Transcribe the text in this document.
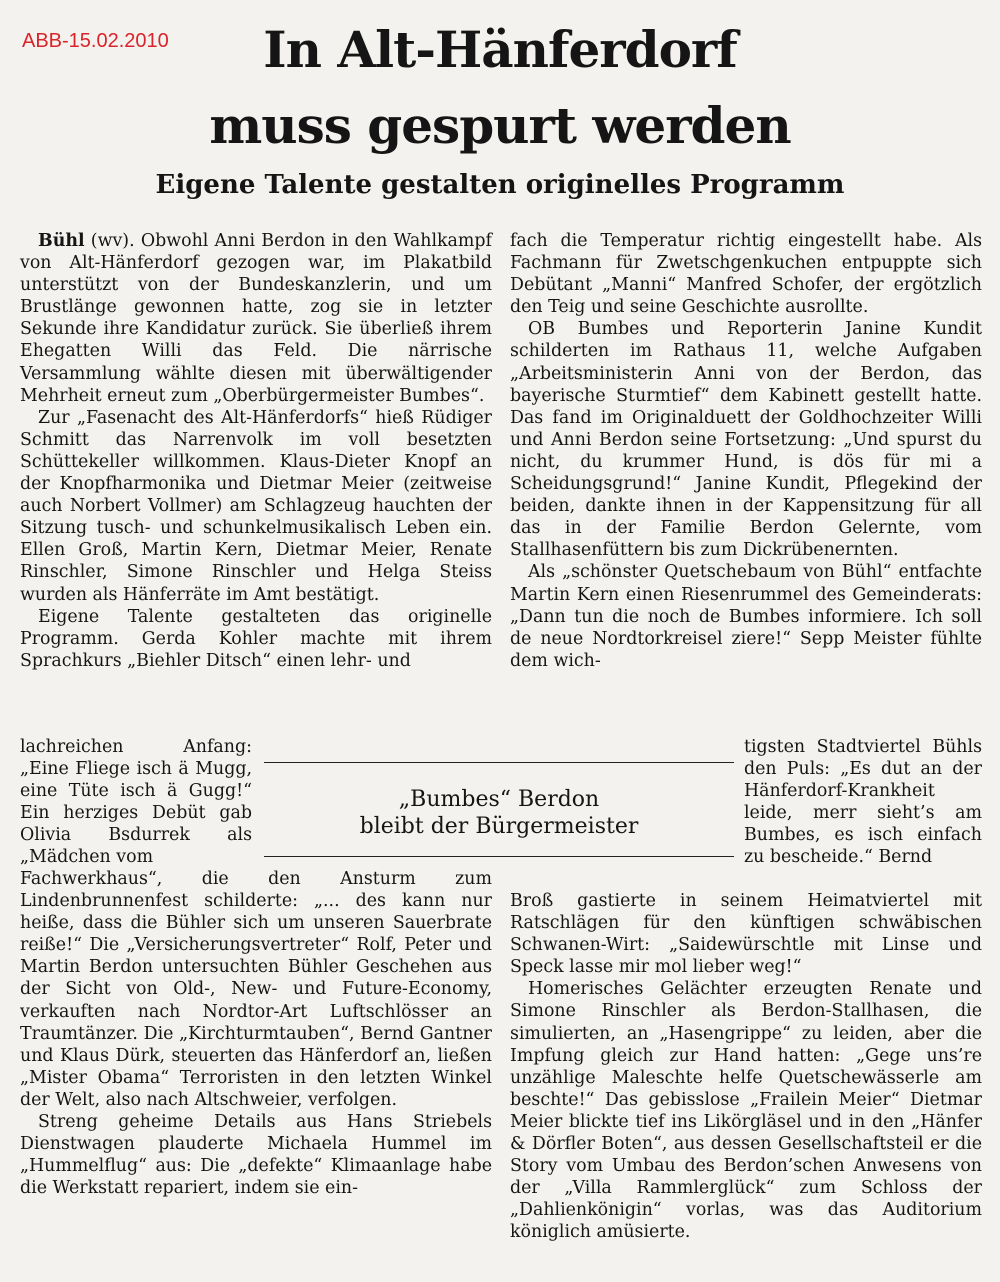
ABB-15.02.2010	In Alt-Hänferdorf
muss gespurt werden
Eigene Talente gestalten originelles Programm

Bühl (wv). Obwohl Anni Berdon in den Wahlkampf von Alt-Hänferdorf gezogen war, im Plakatbild unterstützt von der Bundeskanzlerin, und um Brustlänge gewonnen hatte, zog sie in letzter Sekunde ihre Kandidatur zurück. Sie überließ ihrem Ehegatten Willi das Feld. Die närrische Versammlung wählte diesen mit überwältigender Mehrheit erneut zum „Oberbürgermeister Bumbes“.

Zur „Fasenacht des Alt-Hänferdorfs“ hieß Rüdiger Schmitt das Narrenvolk im voll besetzten Schüttekeller willkommen. Klaus-Dieter Knopf an der Knopfharmonika und Dietmar Meier (zeitweise auch Norbert Vollmer) am Schlagzeug hauchten der Sitzung tusch- und schunkelmusikalisch Leben ein. Ellen Groß, Martin Kern, Dietmar Meier, Renate Rinschler, Simone Rinschler und Helga Steiss wurden als Hänferräte im Amt bestätigt.

Eigene Talente gestalteten das originelle Programm. Gerda Kohler machte mit ihrem Sprachkurs „Biehler Ditsch“ einen lehr- und

lachreichen Anfang: „Eine Fliege isch ä Mugg, eine Tüte isch ä Gugg!“ Ein herziges Debüt gab Olivia Bsdurrek als „Mädchen vom

„Bumbes“ Berdon
bleibt der Bürgermeister

Fachwerkhaus“, die den Ansturm zum Lindenbrunnenfest schilderte: „... des kann nur heiße, dass die Bühler sich um unseren Sauerbrate reiße!“ Die „Versicherungsvertreter“ Rolf, Peter und Martin Berdon untersuchten Bühler Geschehen aus der Sicht von Old-, New- und Future-Economy, verkauften nach Nordtor-Art Luftschlösser an Traumtänzer. Die „Kirchturmtauben“, Bernd Gantner und Klaus Dürk, steuerten das Hänferdorf an, ließen „Mister Obama“ Terroristen in den letzten Winkel der Welt, also nach Altschweier, verfolgen.

Streng geheime Details aus Hans Striebels Dienstwagen plauderte Michaela Hummel im „Hummelflug“ aus: Die „defekte“ Klimaanlage habe die Werkstatt repariert, indem sie ein-

fach die Temperatur richtig eingestellt habe. Als Fachmann für Zwetschgenkuchen entpuppte sich Debütant „Manni“ Manfred Schofer, der ergötzlich den Teig und seine Geschichte ausrollte.

OB Bumbes und Reporterin Janine Kundit schilderten im Rathaus 11, welche Aufgaben „Arbeitsministerin Anni von der Berdon, das bayerische Sturmtief“ dem Kabinett gestellt hatte. Das fand im Originalduett der Goldhochzeiter Willi und Anni Berdon seine Fortsetzung: „Und spurst du nicht, du krummer Hund, is dös für mi a Scheidungsgrund!“ Janine Kundit, Pflegekind der beiden, dankte ihnen in der Kappensitzung für all das in der Familie Berdon Gelernte, vom Stallhasenfüttern bis zum Dickrübenernten.

Als „schönster Quetschebaum von Bühl“ entfachte Martin Kern einen Riesenrummel des Gemeinderats: „Dann tun die noch de Bumbes informiere. Ich soll de neue Nordtorkreisel ziere!“ Sepp Meister fühlte dem wich-

tigsten Stadtviertel Bühls den Puls: „Es dut an der Hänferdorf-Krankheit leide, merr sieht’s am Bumbes, es isch einfach zu bescheide.“ Bernd

Broß gastierte in seinem Heimatviertel mit Ratschlägen für den künftigen schwäbischen Schwanen-Wirt: „Saidewürschtle mit Linse und Speck lasse mir mol lieber weg!“

Homerisches Gelächter erzeugten Renate und Simone Rinschler als Berdon-Stallhasen, die simulierten, an „Hasengrippe“ zu leiden, aber die Impfung gleich zur Hand hatten: „Gege uns’re unzählige Maleschte helfe Quetschewässerle am beschte!“ Das gebisslose „Frailein Meier“ Dietmar Meier blickte tief ins Likörgläsel und in den „Hänfer & Dörfler Boten“, aus dessen Gesellschaftsteil er die Story vom Umbau des Berdon’schen Anwesens von der „Villa Rammlerglück“ zum Schloss der „Dahlienkönigin“ vorlas, was das Auditorium königlich amüsierte.
